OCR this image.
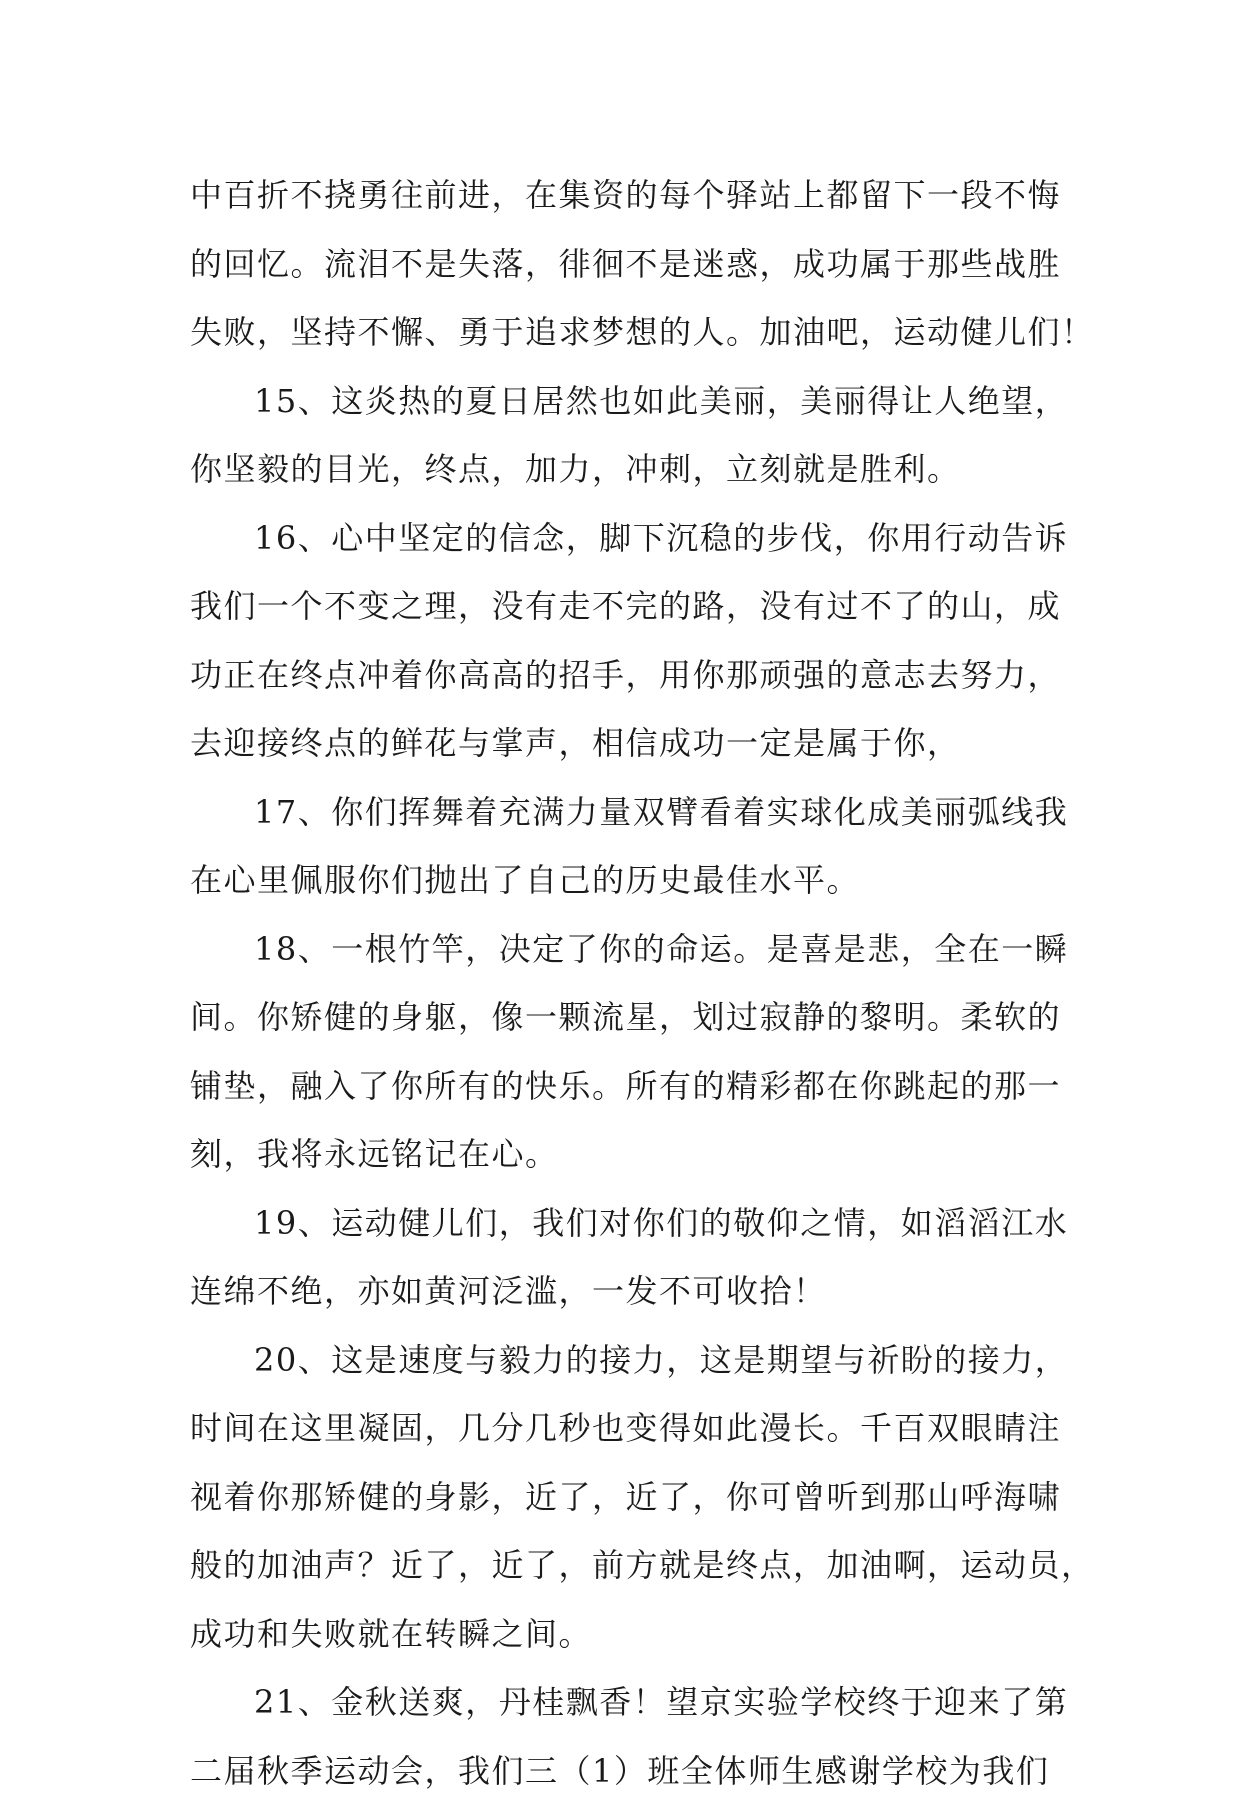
中百折不挠勇往前进，在集资的每个驿站上都留下一段不悔
的回忆。流泪不是失落，徘徊不是迷惑，成功属于那些战胜
失败，坚持不懈、勇于追求梦想的人。加油吧，运动健儿们！
15、这炎热的夏日居然也如此美丽，美丽得让人绝望，
你坚毅的目光，终点，加力，冲刺，立刻就是胜利。
16、心中坚定的信念，脚下沉稳的步伐，你用行动告诉
我们一个不变之理，没有走不完的路，没有过不了的山，成
功正在终点冲着你高高的招手，用你那顽强的意志去努力，
去迎接终点的鲜花与掌声，相信成功一定是属于你，
17、你们挥舞着充满力量双臂看着实球化成美丽弧线我
在心里佩服你们抛出了自己的历史最佳水平。
18、一根竹竿，决定了你的命运。是喜是悲，全在一瞬
间。你矫健的身躯，像一颗流星，划过寂静的黎明。柔软的
铺垫，融入了你所有的快乐。所有的精彩都在你跳起的那一
刻，我将永远铭记在心。
19、运动健儿们，我们对你们的敬仰之情，如滔滔江水
连绵不绝，亦如黄河泛滥，一发不可收拾！
20、这是速度与毅力的接力，这是期望与祈盼的接力，
时间在这里凝固，几分几秒也变得如此漫长。千百双眼睛注
视着你那矫健的身影，近了，近了，你可曾听到那山呼海啸
般的加油声？近了，近了，前方就是终点，加油啊，运动员，
成功和失败就在转瞬之间。
21、金秋送爽，丹桂飘香！望京实验学校终于迎来了第
二届秋季运动会，我们三（1）班全体师生感谢学校为我们
